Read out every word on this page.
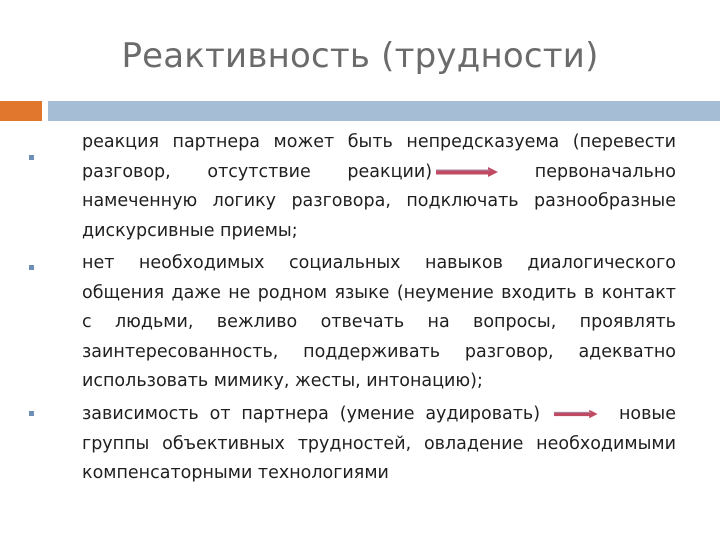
Реактивность (трудности)
реакция партнера может быть непредсказуема (перевести разговор, отсутствие реакции)	первоначально намеченную логику разговора, подключать разнообразные дискурсивные приемы;
нет необходимых социальных навыков диалогического общения даже не родном языке (неумение входить в контакт с людьми, вежливо отвечать на вопросы, проявлять заинтересованность, поддерживать разговор, адекватно использовать мимику, жесты, интонацию);
зависимость от партнера (умение аудировать)	новые группы объективных трудностей, овладение необходимыми компенсаторными технологиями
